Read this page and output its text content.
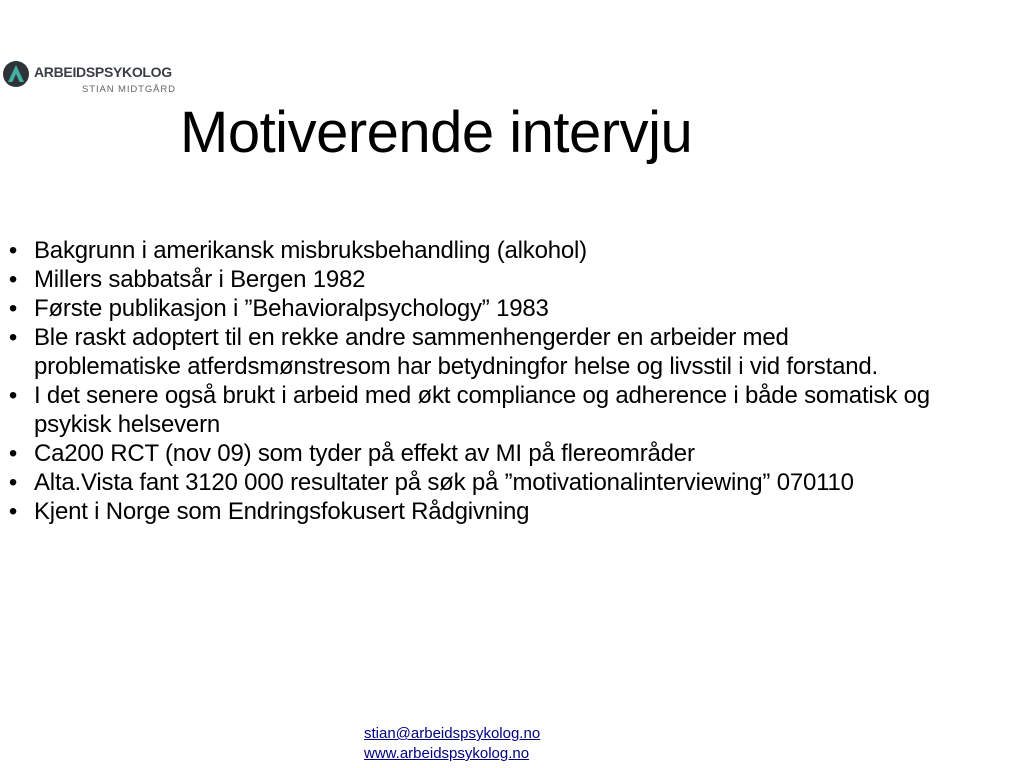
ARBEIDSPSYKOLOG
STIAN MIDTGÅRD
Motiverende intervju
• Bakgrunn i amerikansk misbruksbehandling (alkohol)
• Millers sabbatsår i Bergen 1982
• Første publikasjon i ”Behavioralpsychology” 1983
• Ble raskt adoptert til en rekke andre sammenhengerder en arbeider med problematiske atferdsmønstresom har betydningfor helse og livsstil i vid forstand.
• I det senere også brukt i arbeid med økt compliance og adherence i både somatisk og psykisk helsevern
• Ca200 RCT (nov 09) som tyder på effekt av MI på flereområder
• Alta.Vista fant 3120 000 resultater på søk på ”motivationalinterviewing” 070110
• Kjent i Norge som Endringsfokusert Rådgivning
stian@arbeidspsykolog.no
www.arbeidspsykolog.no
